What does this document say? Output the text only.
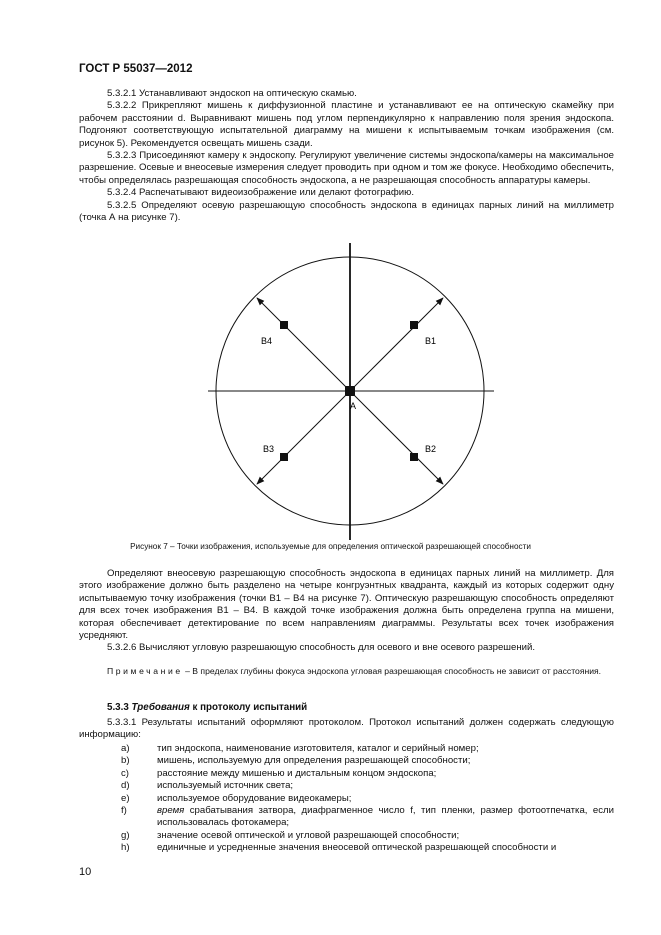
ГОСТ Р 55037—2012

5.3.2.1 Устанавливают эндоскоп на оптическую скамью.

5.3.2.2 Прикрепляют мишень к диффузионной пластине и устанавливают ее на оптическую скамейку при рабочем расстоянии d. Выравнивают мишень под углом перпендикулярно к направлению поля зрения эндоскопа. Подгоняют соответствующую испытательной диаграмму на мишени к испытываемым точкам изображения (см. рисунок 5). Рекомендуется освещать мишень сзади.

5.3.2.3 Присоединяют камеру к эндоскопу. Регулируют увеличение системы эндоскопа/камеры на максимальное разрешение. Осевые и внеосевые измерения следует проводить при одном и том же фокусе. Необходимо обеспечить, чтобы определялась разрешающая способность эндоскопа, а не разрешающая способность аппаратуры камеры.

5.3.2.4 Распечатывают видеоизображение или делают фотографию.

5.3.2.5 Определяют осевую разрешающую способность эндоскопа в единицах парных линий на миллиметр (точка А на рисунке 7).

A
B1
B4
B3	B2
Рисунок 7 – Точки изображения, используемые для определения оптической разрешающей способности

Определяют внеосевую разрешающую способность эндоскопа в единицах парных линий на миллиметр. Для этого изображение должно быть разделено на четыре конгруэнтных квадранта, каждый из которых содержит одну испытываемую точку изображения (точки В1 – В4 на рисунке 7). Оптическую разрешающую способность определяют для всех точек изображения В1 – В4. В каждой точке изображения должна быть определена группа на мишени, которая обеспечивает детектирование по всем направлениям диаграммы. Результаты всех точек изображения усредняют.

5.3.2.6 Вычисляют угловую разрешающую способность для осевого и вне осевого разрешений.

Примечание – В пределах глубины фокуса эндоскопа угловая разрешающая способность не зависит от расстояния.
5.3.3 Требования к протоколу испытаний

5.3.3.1 Результаты испытаний оформляют протоколом. Протокол испытаний должен содержать следующую информацию:

a)	тип эндоскопа, наименование изготовителя, каталог и серийный номер;
b)	мишень, используемую для определения разрешающей способности;
c)	расстояние между мишенью и дистальным концом эндоскопа;
d)	используемый источник света;
e)	используемое оборудование видеокамеры;
f)	время срабатывания затвора, диафрагменное число f, тип пленки, размер фотоотпечатка, если использовалась фотокамера;
g)	значение осевой оптической и угловой разрешающей способности;
h)	единичные и усредненные значения внеосевой оптической разрешающей способности и
10
